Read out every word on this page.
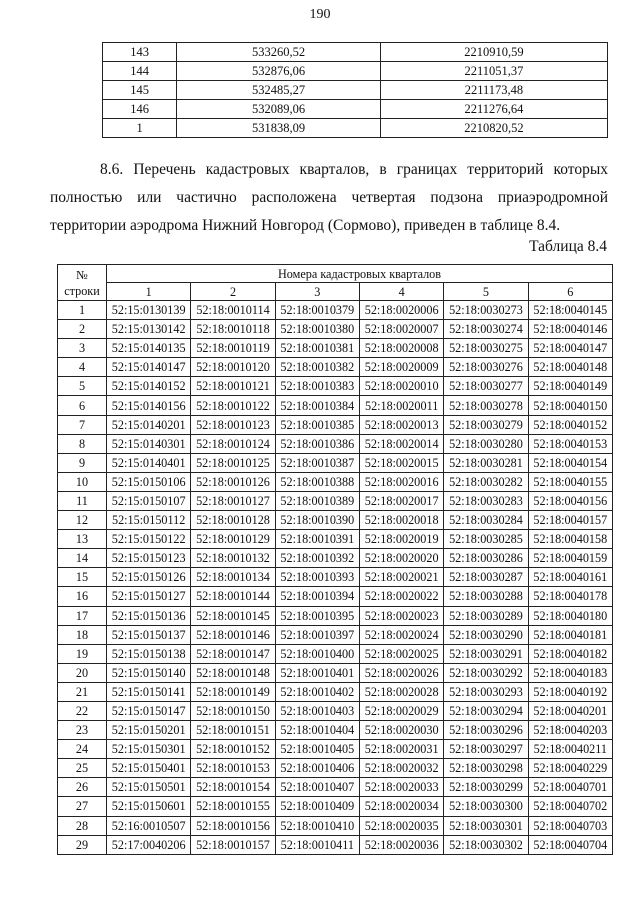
190
143	533260,52	2210910,59
144	532876,06	2211051,37
145	532485,27	2211173,48
146	532089,06	2211276,64
1	531838,09	2210820,52
8.6. Перечень кадастровых кварталов, в границах территорий которых
полностью или частично расположена четвертая подзона приаэродромной
территории аэродрома Нижний Новгород (Сормово), приведен в таблице 8.4.
Таблица 8.4
№
строки	Номера кадастровых кварталов					
	1	2	3	4	5	6
1	52:15:0130139	52:18:0010114	52:18:0010379	52:18:0020006	52:18:0030273	52:18:0040145
2	52:15:0130142	52:18:0010118	52:18:0010380	52:18:0020007	52:18:0030274	52:18:0040146
3	52:15:0140135	52:18:0010119	52:18:0010381	52:18:0020008	52:18:0030275	52:18:0040147
4	52:15:0140147	52:18:0010120	52:18:0010382	52:18:0020009	52:18:0030276	52:18:0040148
5	52:15:0140152	52:18:0010121	52:18:0010383	52:18:0020010	52:18:0030277	52:18:0040149
6	52:15:0140156	52:18:0010122	52:18:0010384	52:18:0020011	52:18:0030278	52:18:0040150
7	52:15:0140201	52:18:0010123	52:18:0010385	52:18:0020013	52:18:0030279	52:18:0040152
8	52:15:0140301	52:18:0010124	52:18:0010386	52:18:0020014	52:18:0030280	52:18:0040153
9	52:15:0140401	52:18:0010125	52:18:0010387	52:18:0020015	52:18:0030281	52:18:0040154
10	52:15:0150106	52:18:0010126	52:18:0010388	52:18:0020016	52:18:0030282	52:18:0040155
11	52:15:0150107	52:18:0010127	52:18:0010389	52:18:0020017	52:18:0030283	52:18:0040156
12	52:15:0150112	52:18:0010128	52:18:0010390	52:18:0020018	52:18:0030284	52:18:0040157
13	52:15:0150122	52:18:0010129	52:18:0010391	52:18:0020019	52:18:0030285	52:18:0040158
14	52:15:0150123	52:18:0010132	52:18:0010392	52:18:0020020	52:18:0030286	52:18:0040159
15	52:15:0150126	52:18:0010134	52:18:0010393	52:18:0020021	52:18:0030287	52:18:0040161
16	52:15:0150127	52:18:0010144	52:18:0010394	52:18:0020022	52:18:0030288	52:18:0040178
17	52:15:0150136	52:18:0010145	52:18:0010395	52:18:0020023	52:18:0030289	52:18:0040180
18	52:15:0150137	52:18:0010146	52:18:0010397	52:18:0020024	52:18:0030290	52:18:0040181
19	52:15:0150138	52:18:0010147	52:18:0010400	52:18:0020025	52:18:0030291	52:18:0040182
20	52:15:0150140	52:18:0010148	52:18:0010401	52:18:0020026	52:18:0030292	52:18:0040183
21	52:15:0150141	52:18:0010149	52:18:0010402	52:18:0020028	52:18:0030293	52:18:0040192
22	52:15:0150147	52:18:0010150	52:18:0010403	52:18:0020029	52:18:0030294	52:18:0040201
23	52:15:0150201	52:18:0010151	52:18:0010404	52:18:0020030	52:18:0030296	52:18:0040203
24	52:15:0150301	52:18:0010152	52:18:0010405	52:18:0020031	52:18:0030297	52:18:0040211
25	52:15:0150401	52:18:0010153	52:18:0010406	52:18:0020032	52:18:0030298	52:18:0040229
26	52:15:0150501	52:18:0010154	52:18:0010407	52:18:0020033	52:18:0030299	52:18:0040701
27	52:15:0150601	52:18:0010155	52:18:0010409	52:18:0020034	52:18:0030300	52:18:0040702
28	52:16:0010507	52:18:0010156	52:18:0010410	52:18:0020035	52:18:0030301	52:18:0040703
29	52:17:0040206	52:18:0010157	52:18:0010411	52:18:0020036	52:18:0030302	52:18:0040704
